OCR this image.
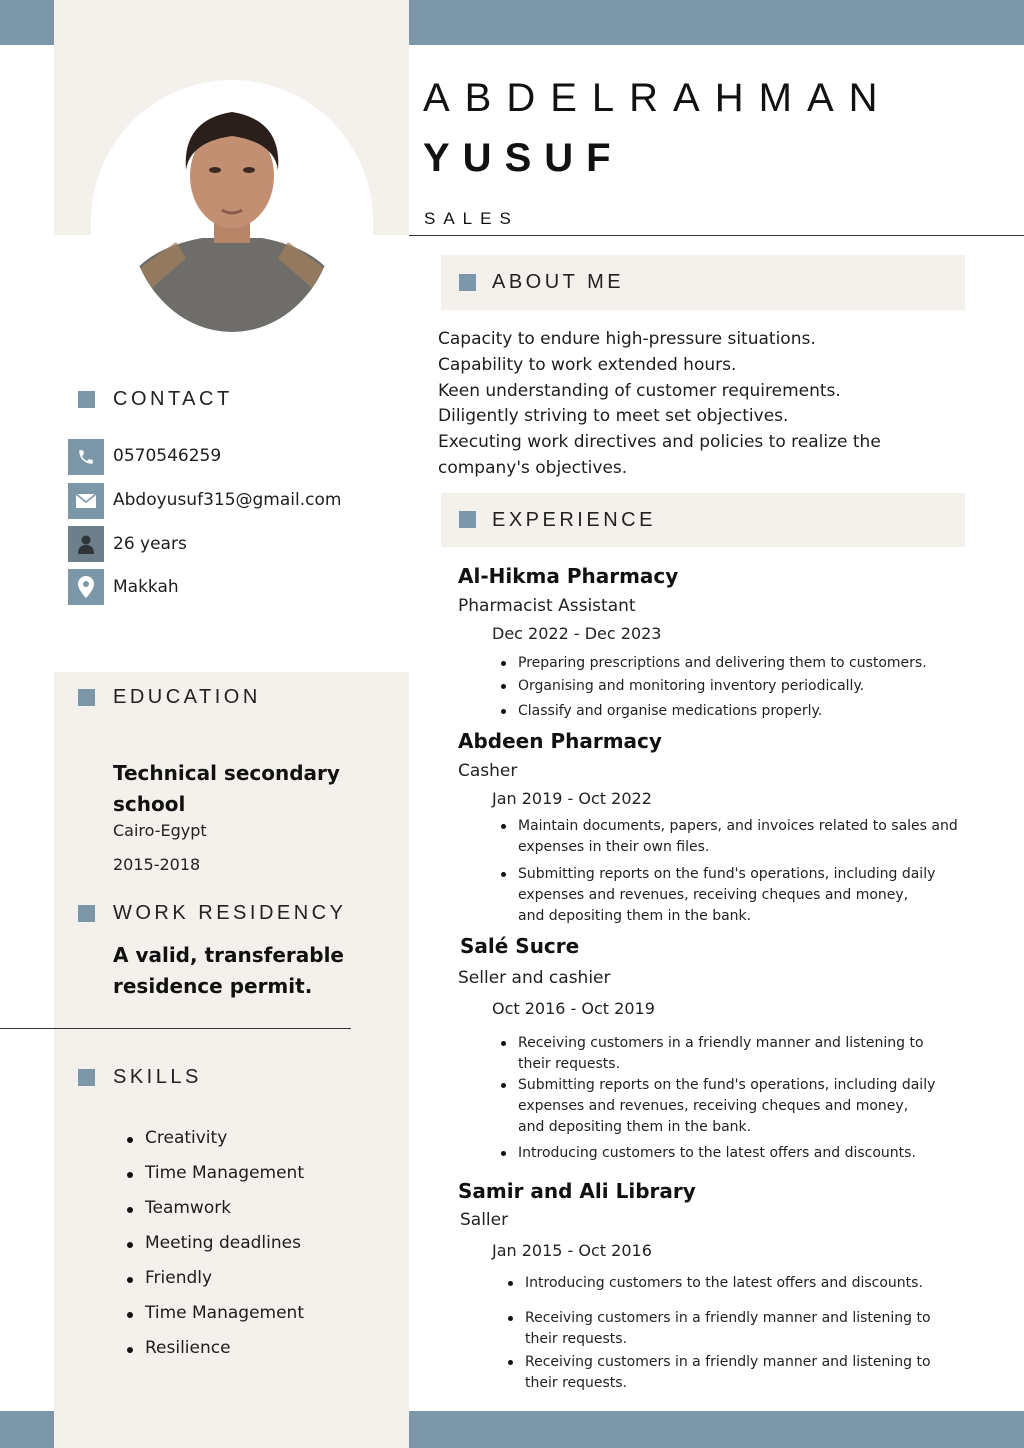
ABDELRAHMAN
YUSUF
SALES
ABOUT ME
Capacity to endure high-pressure situations.
Capability to work extended hours.
Keen understanding of customer requirements.
Diligently striving to meet set objectives.
Executing work directives and policies to realize the
company's objectives.
CONTACT
0570546259
Abdoyusuf315@gmail.com
26 years
Makkah
EDUCATION
Technical secondary
school
Cairo-Egypt
2015-2018
WORK RESIDENCY
A valid, transferable
residence permit.
SKILLS
Creativity
Time Management
Teamwork
Meeting deadlines
Friendly
Time Management
Resilience
EXPERIENCE
Al-Hikma Pharmacy
Pharmacist Assistant
Dec 2022 - Dec 2023
Preparing prescriptions and delivering them to customers.
Organising and monitoring inventory periodically.
Classify and organise medications properly.
Abdeen Pharmacy
Casher
Jan 2019 - Oct 2022
Maintain documents, papers, and invoices related to sales and expenses in their own files.
Submitting reports on the fund's operations, including daily expenses and revenues, receiving cheques and money, and depositing them in the bank.
Salé Sucre
Seller and cashier
Oct 2016 - Oct 2019
Receiving customers in a friendly manner and listening to their requests.
Submitting reports on the fund's operations, including daily expenses and revenues, receiving cheques and money, and depositing them in the bank.
Introducing customers to the latest offers and discounts.
Samir and Ali Library
Saller
Jan 2015 - Oct 2016
Introducing customers to the latest offers and discounts.
Receiving customers in a friendly manner and listening to their requests.
Receiving customers in a friendly manner and listening to their requests.
